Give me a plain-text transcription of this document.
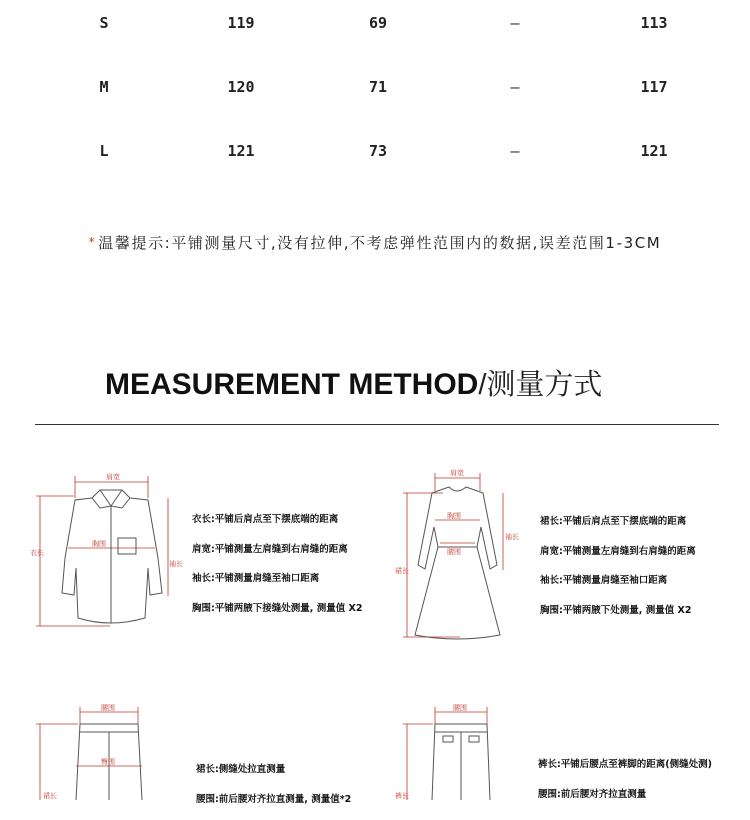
S	119	69	–	113
M	120	71	–	117
L	121	73	–	121
* 温馨提示:平铺测量尺寸,没有拉伸,不考虑弹性范围内的数据,误差范围1-3CM
MEASUREMENT METHOD/测量方式
肩宽
胸围
衣长
袖长
衣长:平铺后肩点至下摆底端的距离
肩宽:平铺测量左肩缝到右肩缝的距离
袖长:平铺测量肩缝至袖口距离
胸围:平铺两腋下接缝处测量, 测量值 X2
肩宽
胸围
腰围
裙长
袖长
裙长:平铺后肩点至下摆底端的距离
肩宽:平铺测量左肩缝到右肩缝的距离
袖长:平铺测量肩缝至袖口距离
胸围:平铺两腋下处测量, 测量值 X2
腰围
臀围
裙长
裙长:侧缝处拉直测量
腰围:前后腰对齐拉直测量, 测量值*2
腰围
裤长
裤长:平铺后腰点至裤脚的距离(侧缝处测)
腰围:前后腰对齐拉直测量
